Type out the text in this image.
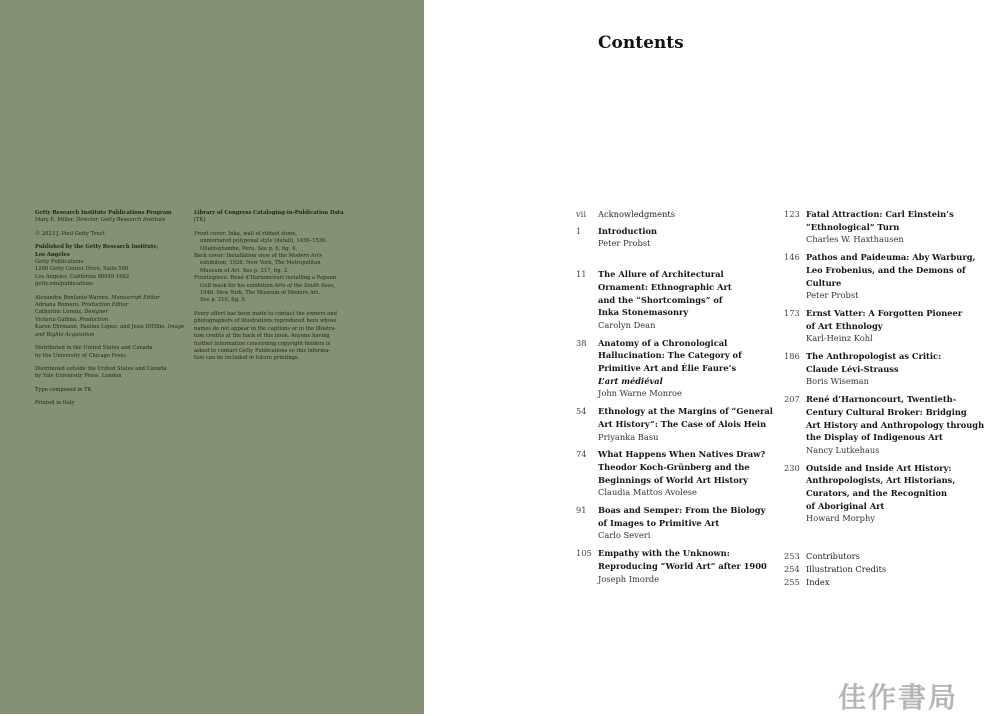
Getty Research Institute Publications Program
Mary E. Miller, Director, Getty Research Institute

© 2023 J. Paul Getty Trust

Published by the Getty Research Institute,
Los Angeles
Getty Publications
1200 Getty Center Drive, Suite 500
Los Angeles, California 90049-1682
getty.edu/publications

Alexandra Bonfante-Warren, Manuscript Editor
Adriana Romero, Production Editor
Catherine Lorenz, Designer
Victoria Gallina, Production
Karen Ehrmann, Pauline Lopez, and Jessi DiTillio, Image and Rights Acquisition

Distributed in the United States and Canada
by the University of Chicago Press

Distributed outside the United States and Canada
by Yale University Press, London

Type composed in TK

Printed in Italy

Library of Congress Cataloging-in-Publication Data
[TK]

Front cover: Inka, wall of ribbed stone,
unmortared polygonal style (detail), 1450–1530.
Ollantaytambo, Peru. See p. 6, fig. 4.
Back cover: Installation view of the Modern Arts
exhibition, 1926. New York, The Metropolitan
Museum of Art. See p. 217, fig. 2.
Frontispiece: René d’Harnoncourt installing a Papuan
Gulf mask for his exhibition Arts of the South Seas,
1946. New York, The Museum of Modern Art.
See p. 210, fig. 5.

Every effort has been made to contact the owners and
photographers of illustrations reproduced here whose
names do not appear in the captions or in the illustra-
tion credits at the back of this book. Anyone having
further information concerning copyright holders is
asked to contact Getty Publications so this informa-
tion can be included in future printings.

Contents
vii	Acknowledgments
1	Introduction
Peter Probst
11	The Allure of Architectural
Ornament: Ethnographic Art
and the “Shortcomings” of
Inka Stonemasonry
Carolyn Dean
38	Anatomy of a Chronological
Hallucination: The Category of
Primitive Art and Élie Faure’s
L’art médiéval
John Warne Monroe
54	Ethnology at the Margins of “General
Art History”: The Case of Alois Hein
Priyanka Basu
74	What Happens When Natives Draw?
Theodor Koch-Grünberg and the
Beginnings of World Art History
Claudia Mattos Avolese
91	Boas and Semper: From the Biology
of Images to Primitive Art
Carlo Severi
105 Empathy with the Unknown:
Reproducing “World Art” after 1900
Joseph Imorde
123 Fatal Attraction: Carl Einstein’s
“Ethnological” Turn
Charles W. Haxthausen
146 Pathos and Paideuma: Aby Warburg,
Leo Frobenius, and the Demons of
Culture
Peter Probst
173 Ernst Vatter: A Forgotten Pioneer
of Art Ethnology
Karl-Heinz Kohl
186 The Anthropologist as Critic:
Claude Lévi-Strauss
Boris Wiseman
207 René d’Harnoncourt, Twentieth-
Century Cultural Broker: Bridging
Art History and Anthropology through
the Display of Indigenous Art
Nancy Lutkehaus
230 Outside and Inside Art History:
Anthropologists, Art Historians,
Curators, and the Recognition
of Aboriginal Art
Howard Morphy
253 Contributors
254 Illustration Credits
255 Index
佳作書局
